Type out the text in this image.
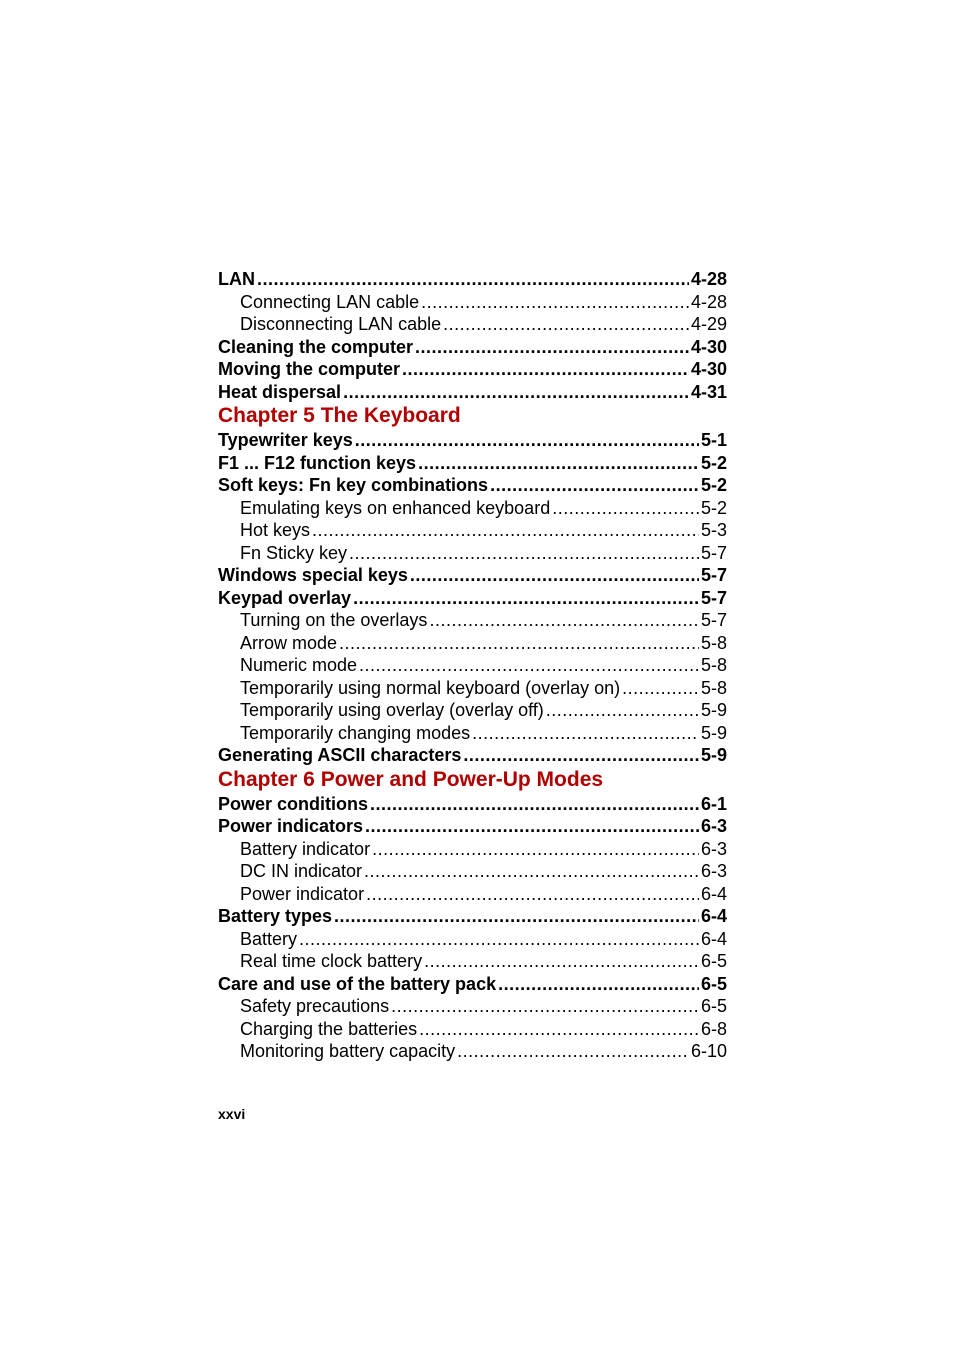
LAN .....	4-28
Connecting LAN cable .....	4-28
Disconnecting LAN cable .....	4-29
Cleaning the computer .....	4-30
Moving the computer .....	4-30
Heat dispersal .....	4-31
Chapter 5 The Keyboard
Typewriter keys .....	5-1
F1 ... F12 function keys .....	5-2
Soft keys: Fn key combinations .....	5-2
Emulating keys on enhanced keyboard .....	5-2
Hot keys .....	5-3
Fn Sticky key .....	5-7
Windows special keys .....	5-7
Keypad overlay .....	5-7
Turning on the overlays .....	5-7
Arrow mode .....	5-8
Numeric mode .....	5-8
Temporarily using normal keyboard (overlay on) .....	5-8
Temporarily using overlay (overlay off) .....	5-9
Temporarily changing modes .....	5-9
Generating ASCII characters .....	5-9
Chapter 6 Power and Power-Up Modes
Power conditions .....	6-1
Power indicators .....	6-3
Battery indicator .....	6-3
DC IN indicator .....	6-3
Power indicator .....	6-4
Battery types .....	6-4
Battery .....	6-4
Real time clock battery .....	6-5
Care and use of the battery pack .....	6-5
Safety precautions .....	6-5
Charging the batteries .....	6-8
Monitoring battery capacity .....	6-10
xxvi
